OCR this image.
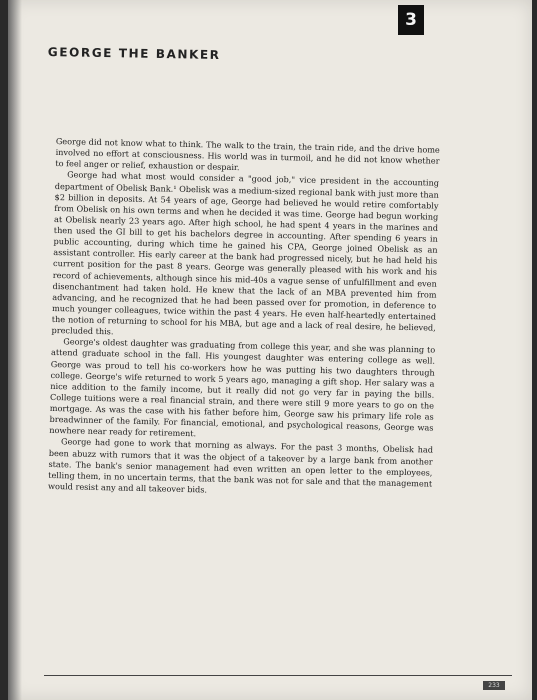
3
GEORGE THE BANKER

George did not know what to think. The walk to the train, the train ride, and the drive home involved no effort at consciousness. His world was in turmoil, and he did not know whether to feel anger or relief, exhaustion or despair.

George had what most would consider a "good job," vice president in the accounting department of Obelisk Bank.¹ Obelisk was a medium-sized regional bank with just more than $2 billion in deposits. At 54 years of age, George had believed he would retire comfortably from Obelisk on his own terms and when he decided it was time. George had begun working at Obelisk nearly 23 years ago. After high school, he had spent 4 years in the marines and then used the GI bill to get his bachelors degree in accounting. After spending 6 years in public accounting, during which time he gained his CPA, George joined Obelisk as an assistant controller. His early career at the bank had progressed nicely, but he had held his current position for the past 8 years. George was generally pleased with his work and his record of achievements, although since his mid-40s a vague sense of unfulfillment and even disenchantment had taken hold. He knew that the lack of an MBA prevented him from advancing, and he recognized that he had been passed over for promotion, in deference to much younger colleagues, twice within the past 4 years. He even half-heartedly entertained the notion of returning to school for his MBA, but age and a lack of real desire, he believed, precluded this.

George's oldest daughter was graduating from college this year, and she was planning to attend graduate school in the fall. His youngest daughter was entering college as well. George was proud to tell his co-workers how he was putting his two daughters through college. George's wife returned to work 5 years ago, managing a gift shop. Her salary was a nice addition to the family income, but it really did not go very far in paying the bills. College tuitions were a real financial strain, and there were still 9 more years to go on the mortgage. As was the case with his father before him, George saw his primary life role as breadwinner of the family. For financial, emotional, and psychological reasons, George was nowhere near ready for retirement.

George had gone to work that morning as always. For the past 3 months, Obelisk had been abuzz with rumors that it was the object of a takeover by a large bank from another state. The bank's senior management had even written an open letter to the employees, telling them, in no uncertain terms, that the bank was not for sale and that the management would resist any and all takeover bids.

233
